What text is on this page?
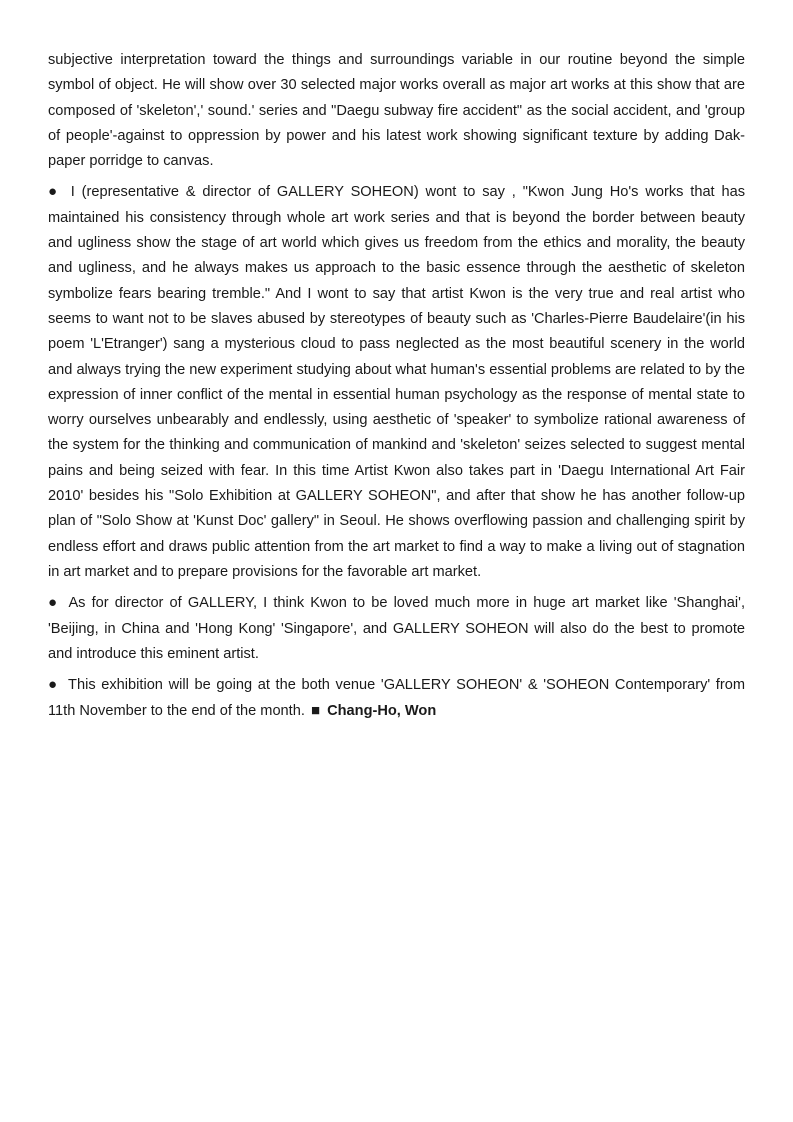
subjective interpretation toward the things and surroundings variable in our routine beyond the simple symbol of object. He will show over 30 selected major works overall as major art works at this show that are composed of 'skeleton',' sound.' series and "Daegu subway fire accident" as the social accident, and 'group of people'-against to oppression by power and his latest work showing significant texture by adding Dak-paper porridge to canvas.

● I (representative & director of GALLERY SOHEON) wont to say , "Kwon Jung Ho's works that has maintained his consistency through whole art work series and that is beyond the border between beauty and ugliness show the stage of art world which gives us freedom from the ethics and morality, the beauty and ugliness, and he always makes us approach to the basic essence through the aesthetic of skeleton symbolize fears bearing tremble." And I wont to say that artist Kwon is the very true and real artist who seems to want not to be slaves abused by stereotypes of beauty such as 'Charles-Pierre Baudelaire'(in his poem 'L'Etranger') sang a mysterious cloud to pass neglected as the most beautiful scenery in the world and always trying the new experiment studying about what human's essential problems are related to by the expression of inner conflict of the mental in essential human psychology as the response of mental state to worry ourselves unbearably and endlessly, using aesthetic of 'speaker' to symbolize rational awareness of the system for the thinking and communication of mankind and 'skeleton' seizes selected to suggest mental pains and being seized with fear. In this time Artist Kwon also takes part in 'Daegu International Art Fair 2010' besides his "Solo Exhibition at GALLERY SOHEON", and after that show he has another follow-up plan of "Solo Show at 'Kunst Doc' gallery" in Seoul. He shows overflowing passion and challenging spirit by endless effort and draws public attention from the art market to find a way to make a living out of stagnation in art market and to prepare provisions for the favorable art market.

● As for director of GALLERY, I think Kwon to be loved much more in huge art market like 'Shanghai', 'Beijing, in China and 'Hong Kong' 'Singapore', and GALLERY SOHEON will also do the best to promote and introduce this eminent artist.

● This exhibition will be going at the both venue 'GALLERY SOHEON' & 'SOHEON Contemporary' from 11th November to the end of the month. ■ Chang-Ho, Won
